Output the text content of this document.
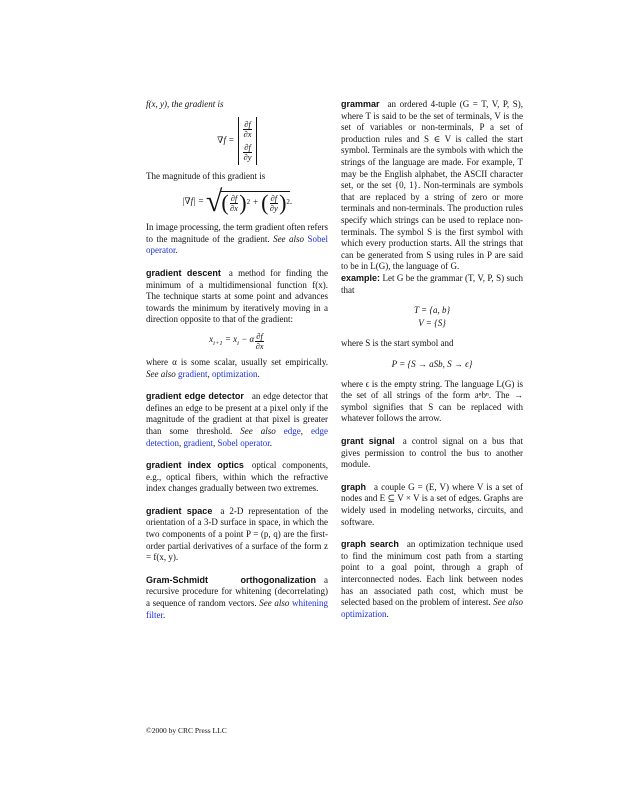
f(x, y), the gradient is

∇f =
$\frac{\partial f}{\partial x}$
$\frac{\partial f}{\partial y}$

The magnitude of this gradient is

|∇f| = √ ( $\frac{\partial f}{\partial x}$ ) 2 + ( $\frac{\partial f}{\partial y}$ ) 2 .

In image processing, the term gradient often refers to the magnitude of the gradient. See also Sobel operator.

gradient descent a method for finding the minimum of a multidimensional function f(x). The technique starts at some point and advances towards the minimum by iteratively moving in a direction opposite to that of the gradient:

$x_{i+1} = x_i - \alpha \frac{\partial f}{\partial x}$

where α is some scalar, usually set empirically. See also gradient, optimization.

gradient edge detector an edge detector that defines an edge to be present at a pixel only if the magnitude of the gradient at that pixel is greater than some threshold. See also edge, edge detection, gradient, Sobel operator.

gradient index optics optical components, e.g., optical fibers, within which the refractive index changes gradually between two extremes.

gradient space a 2-D representation of the orientation of a 3-D surface in space, in which the two components of a point P = (p, q) are the first-order partial derivatives of a surface of the form z = f(x, y).

Gram-Schmidt orthogonalization a recursive procedure for whitening (decorrelating) a sequence of random vectors. See also whitening filter.

grammar an ordered 4-tuple (G = T, V, P, S), where T is said to be the set of terminals, V is the set of variables or non-terminals, P a set of production rules and S ∈ V is called the start symbol. Terminals are the symbols with which the strings of the language are made. For example, T may be the English alphabet, the ASCII character set, or the set {0, 1}. Non-terminals are symbols that are replaced by a string of zero or more terminals and non-terminals. The production rules specify which strings can be used to replace non-terminals. The symbol S is the first symbol with which every production starts. All the strings that can be generated from S using rules in P are said to be in L(G), the language of G.

example: Let G be the grammar (T, V, P, S) such that

T = {a, b}
V = {S}

where S is the start symbol and

P = {S → aSb, S → ϵ}

where ϵ is the empty string. The language L(G) is the set of all strings of the form aⁿbⁿ. The → symbol signifies that S can be replaced with whatever follows the arrow.

grant signal a control signal on a bus that gives permission to control the bus to another module.

graph a couple G = (E, V) where V is a set of nodes and E ⊆ V × V is a set of edges. Graphs are widely used in modeling networks, circuits, and software.

graph search an optimization technique used to find the minimum cost path from a starting point to a goal point, through a graph of interconnected nodes. Each link between nodes has an associated path cost, which must be selected based on the problem of interest. See also optimization.

©2000 by CRC Press LLC
